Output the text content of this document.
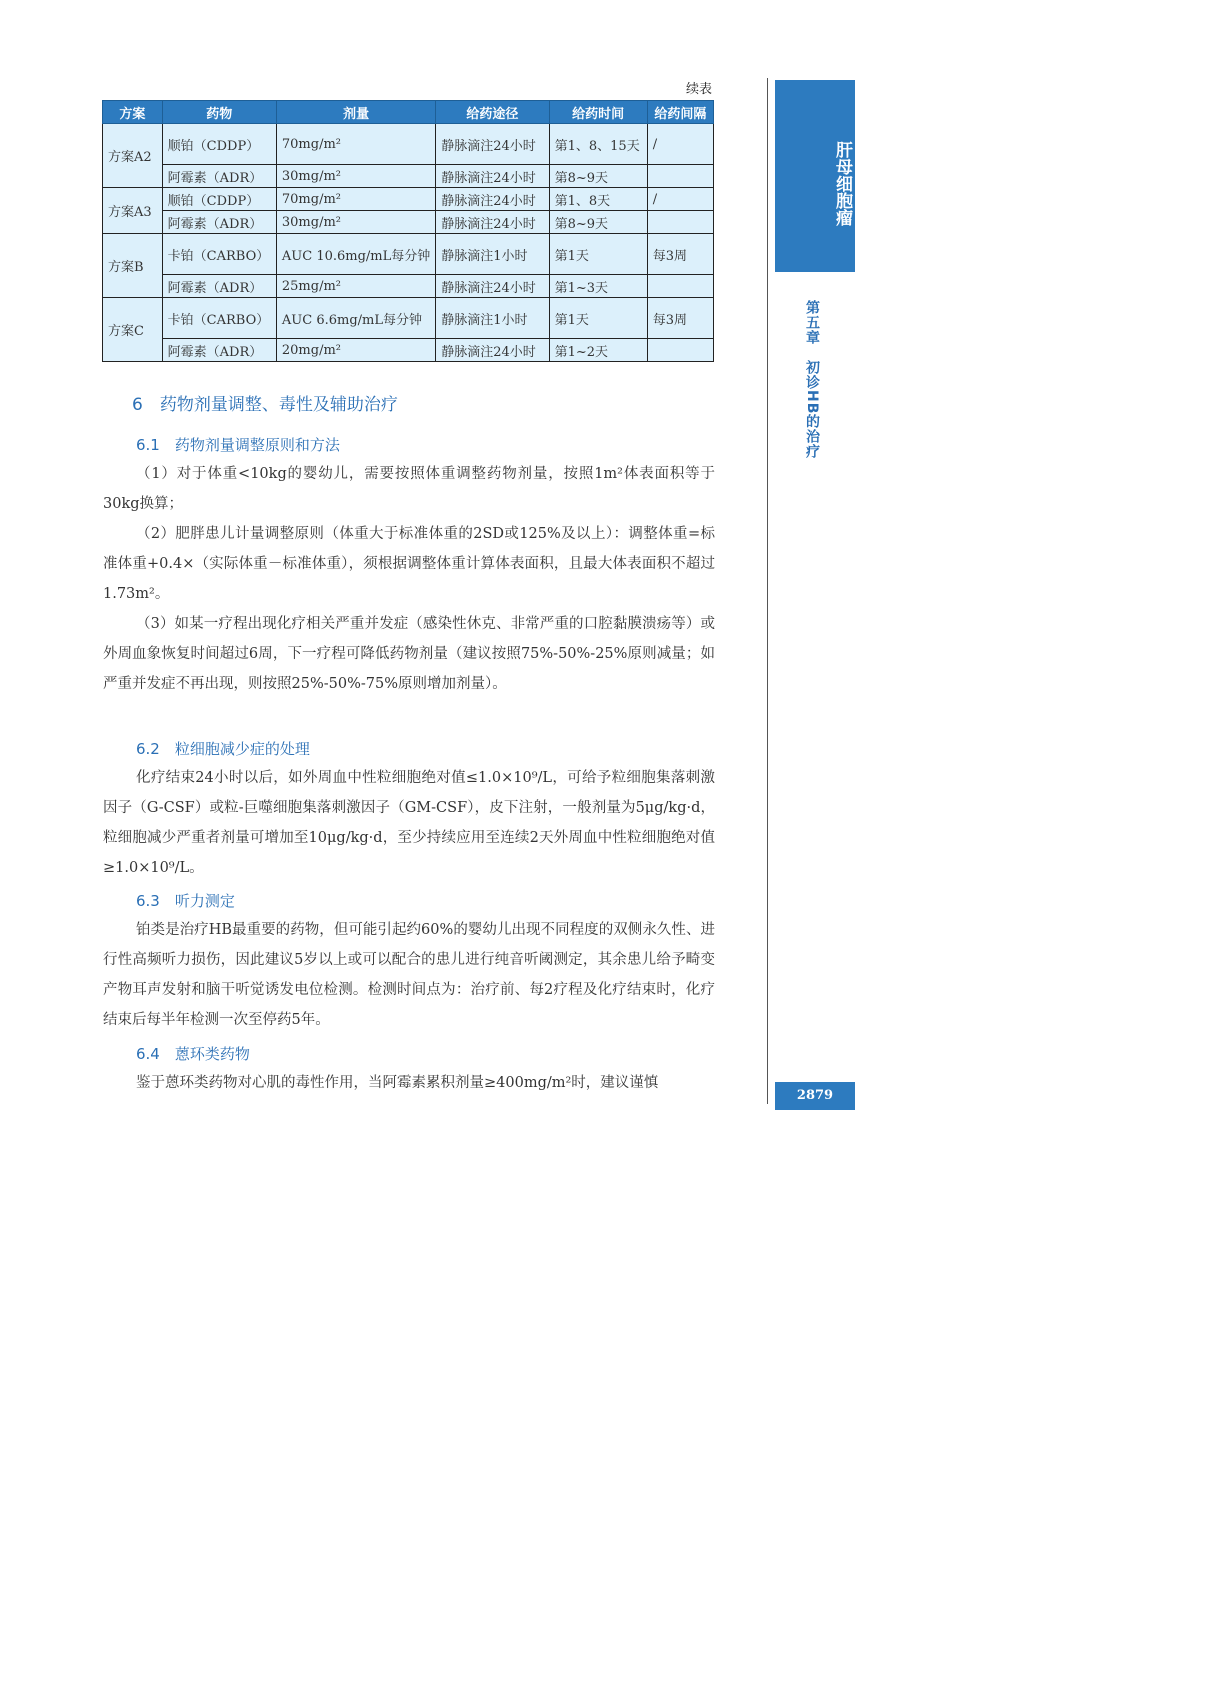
续表
方案	药物	剂量	给药途径	给药时间	给药间隔
方案A2	顺铂（CDDP）	70mg/m²	静脉滴注24小时	第1、8、15天	/
	阿霉素（ADR）	30mg/m²	静脉滴注24小时	第8~9天	
方案A3	顺铂（CDDP）	70mg/m²	静脉滴注24小时	第1、8天	/
	阿霉素（ADR）	30mg/m²	静脉滴注24小时	第8~9天	
方案B	卡铂（CARBO）	AUC 10.6mg/mL每分钟	静脉滴注1小时	第1天	每3周
	阿霉素（ADR）	25mg/m²	静脉滴注24小时	第1~3天	
方案C	卡铂（CARBO）	AUC 6.6mg/mL每分钟	静脉滴注1小时	第1天	每3周
	阿霉素（ADR）	20mg/m²	静脉滴注24小时	第1~2天	
6　药物剂量调整、毒性及辅助治疗
6.1　药物剂量调整原则和方法

（1）对于体重<10kg的婴幼儿，需要按照体重调整药物剂量，按照1m²体表面积等于30kg换算；

（2）肥胖患儿计量调整原则（体重大于标准体重的2SD或125%及以上）：调整体重=标准体重+0.4×（实际体重－标准体重），须根据调整体重计算体表面积，且最大体表面积不超过1.73m²。

（3）如某一疗程出现化疗相关严重并发症（感染性休克、非常严重的口腔黏膜溃疡等）或外周血象恢复时间超过6周，下一疗程可降低药物剂量（建议按照75%-50%-25%原则减量；如严重并发症不再出现，则按照25%-50%-75%原则增加剂量）。

6.2　粒细胞减少症的处理

化疗结束24小时以后，如外周血中性粒细胞绝对值≤1.0×10⁹/L，可给予粒细胞集落刺激因子（G-CSF）或粒-巨噬细胞集落刺激因子（GM-CSF），皮下注射，一般剂量为5μg/kg·d，粒细胞减少严重者剂量可增加至10μg/kg·d，至少持续应用至连续2天外周血中性粒细胞绝对值≥1.0×10⁹/L。

6.3　听力测定

铂类是治疗HB最重要的药物，但可能引起约60%的婴幼儿出现不同程度的双侧永久性、进行性高频听力损伤，因此建议5岁以上或可以配合的患儿进行纯音听阈测定，其余患儿给予畸变产物耳声发射和脑干听觉诱发电位检测。检测时间点为：治疗前、每2疗程及化疗结束时，化疗结束后每半年检测一次至停药5年。

6.4　蒽环类药物

鉴于蒽环类药物对心肌的毒性作用，当阿霉素累积剂量≥400mg/m²时，建议谨慎

肝母细胞瘤
第五章　初诊HB的治疗
2879
